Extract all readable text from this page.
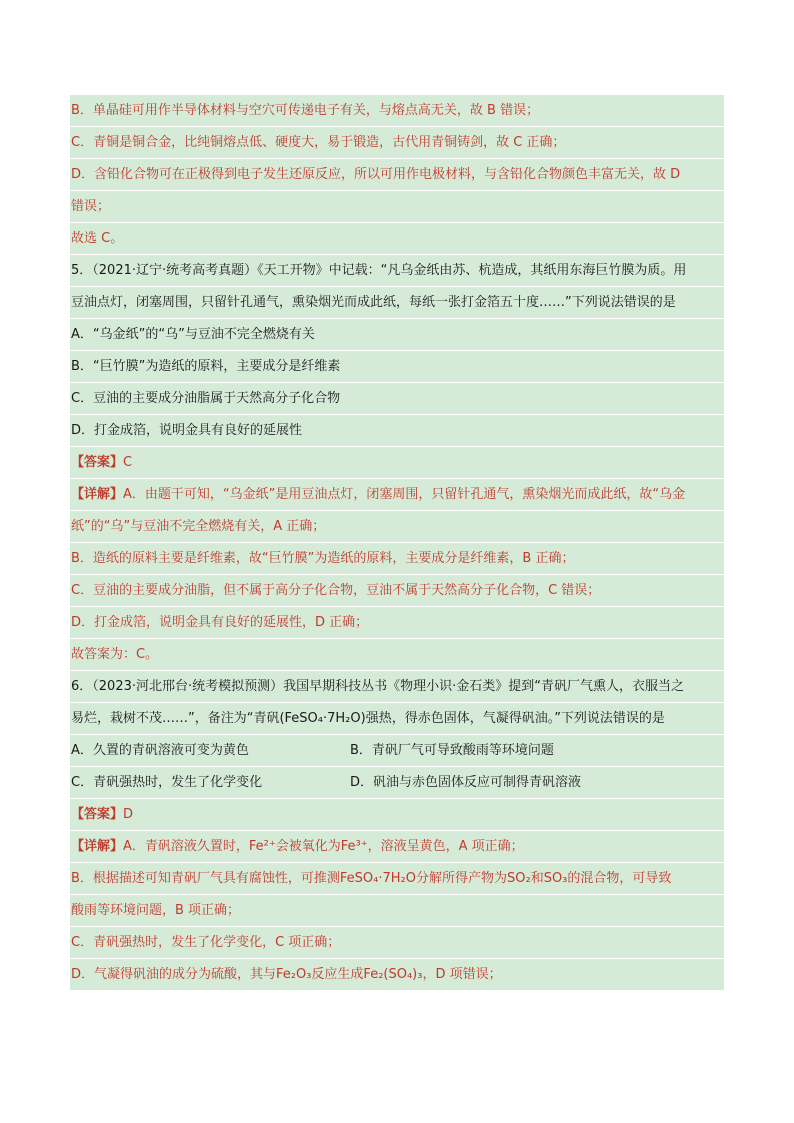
B．单晶硅可用作半导体材料与空穴可传递电子有关，与熔点高无关，故 B 错误；
C．青铜是铜合金，比纯铜熔点低、硬度大，易于锻造，古代用青铜铸剑，故 C 正确；
D．含铅化合物可在正极得到电子发生还原反应，所以可用作电极材料，与含铅化合物颜色丰富无关，故 D
错误；
故选 C。
5．（2021·辽宁·统考高考真题）《天工开物》中记载：“凡乌金纸由苏、杭造成，其纸用东海巨竹膜为质。用
豆油点灯，闭塞周围，只留针孔通气，熏染烟光而成此纸，每纸一张打金箔五十度……”下列说法错误的是
A．“乌金纸”的“乌”与豆油不完全燃烧有关
B．“巨竹膜”为造纸的原料，主要成分是纤维素
C．豆油的主要成分油脂属于天然高分子化合物
D．打金成箔，说明金具有良好的延展性
【答案】C
【详解】A．由题干可知，“乌金纸”是用豆油点灯，闭塞周围，只留针孔通气，熏染烟光而成此纸，故“乌金
纸”的“乌”与豆油不完全燃烧有关，A 正确；
B．造纸的原料主要是纤维素，故“巨竹膜”为造纸的原料，主要成分是纤维素，B 正确；
C．豆油的主要成分油脂，但不属于高分子化合物，豆油不属于天然高分子化合物，C 错误；
D．打金成箔，说明金具有良好的延展性，D 正确；
故答案为：C。
6．（2023·河北邢台·统考模拟预测）我国早期科技丛书《物理小识·金石类》提到“青矾厂气熏人，衣服当之
易烂，栽树不茂……”，备注为“青矾(FeSO₄·7H₂O)强热，得赤色固体，气凝得矾油。”下列说法错误的是
A．久置的青矾溶液可变为黄色	B．青矾厂气可导致酸雨等环境问题
C．青矾强热时，发生了化学变化	D．矾油与赤色固体反应可制得青矾溶液
【答案】D
【详解】A．青矾溶液久置时，Fe²⁺会被氧化为Fe³⁺，溶液呈黄色，A 项正确；
B．根据描述可知青矾厂气具有腐蚀性，可推测FeSO₄·7H₂O分解所得产物为SO₂和SO₃的混合物，可导致
酸雨等环境问题，B 项正确；
C．青矾强热时，发生了化学变化，C 项正确；
D．气凝得矾油的成分为硫酸，其与Fe₂O₃反应生成Fe₂(SO₄)₃，D 项错误；
